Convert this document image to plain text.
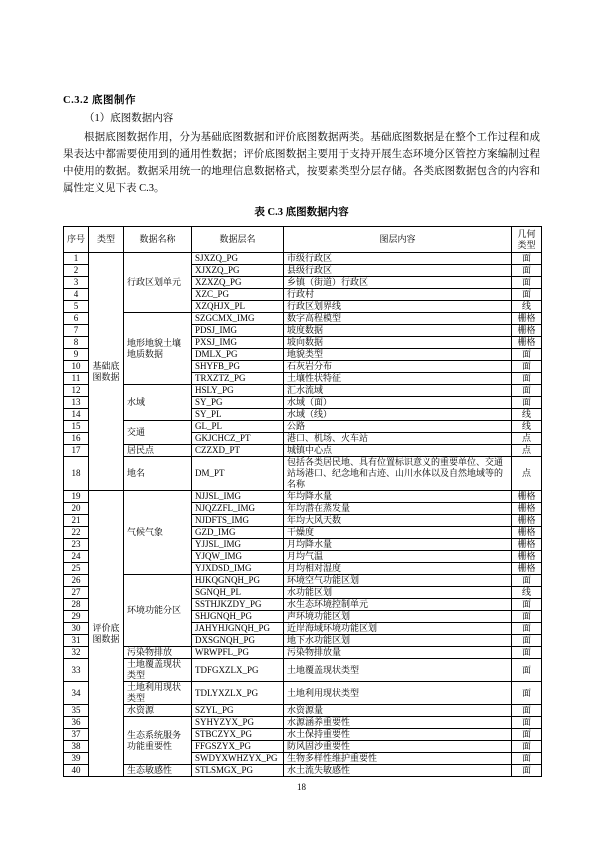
C.3.2 底图制作
（1）底图数据内容
根据底图数据作用，分为基础底图数据和评价底图数据两类。基础底图数据是在整个工作过程和成果表达中都需要使用到的通用性数据；评价底图数据主要用于支持开展生态环境分区管控方案编制过程中使用的数据。数据采用统一的地理信息数据格式，按要素类型分层存储。各类底图数据包含的内容和属性定义见下表 C.3。
表 C.3 底图数据内容
序号	类型	数据名称	数据层名	图层内容	几何类型
1	基础底图数据	行政区划单元	SJXZQ_PG	市级行政区	面
2			XJXZQ_PG	县级行政区	面
3			XZXZQ_PG	乡镇（街道）行政区	面
4			XZC_PG	行政村	面
5			XZQHJX_PL	行政区划界线	线
6		地形地貌土壤地质数据	SZGCMX_IMG	数字高程模型	栅格
7			PDSJ_IMG	坡度数据	栅格
8			PXSJ_IMG	坡向数据	栅格
9			DMLX_PG	地貌类型	面
10			SHYFB_PG	石灰岩分布	面
11			TRXZTZ_PG	土壤性状特征	面
12		水域	HSLY_PG	汇水流域	面
13			SY_PG	水域（面）	面
14			SY_PL	水域（线）	线
15		交通	GL_PL	公路	线
16			GKJCHCZ_PT	港口、机场、火车站	点
17		居民点	CZZXD_PT	城镇中心点	点
18		地名	DM_PT	包括各类居民地、具有位置标识意义的重要单位、交通站场港口、纪念地和古迹、山川水体以及自然地域等的名称	点
19	评价底图数据	气候气象	NJJSL_IMG	年均降水量	栅格
20			NJQZZFL_IMG	年均潜在蒸发量	栅格
21			NJDFTS_IMG	年均大风天数	栅格
22			GZD_IMG	干燥度	栅格
23			YJJSL_IMG	月均降水量	栅格
24			YJQW_IMG	月均气温	栅格
25			YJXDSD_IMG	月均相对湿度	栅格
26		环境功能分区	HJKQGNQH_PG	环境空气功能区划	面
27			SGNQH_PL	水功能区划	线
28			SSTHJKZDY_PG	水生态环境控制单元	面
29			SHJGNQH_PG	声环境功能区划	面
30			JAHYHJGNQH_PG	近岸海域环境功能区划	面
31			DXSGNQH_PG	地下水功能区划	面
32		污染物排放	WRWPFL_PG	污染物排放量	面
33		土地覆盖现状类型	TDFGXZLX_PG	土地覆盖现状类型	面
34		土地利用现状类型	TDLYXZLX_PG	土地利用现状类型	面
35		水资源	SZYL_PG	水资源量	面
36		生态系统服务功能重要性	SYHYZYX_PG	水源涵养重要性	面
37			STBCZYX_PG	水土保持重要性	面
38			FFGSZYX_PG	防风固沙重要性	面
39			SWDYXWHZYX_PG	生物多样性维护重要性	面
40		生态敏感性	STLSMGX_PG	水土流失敏感性	面
18
